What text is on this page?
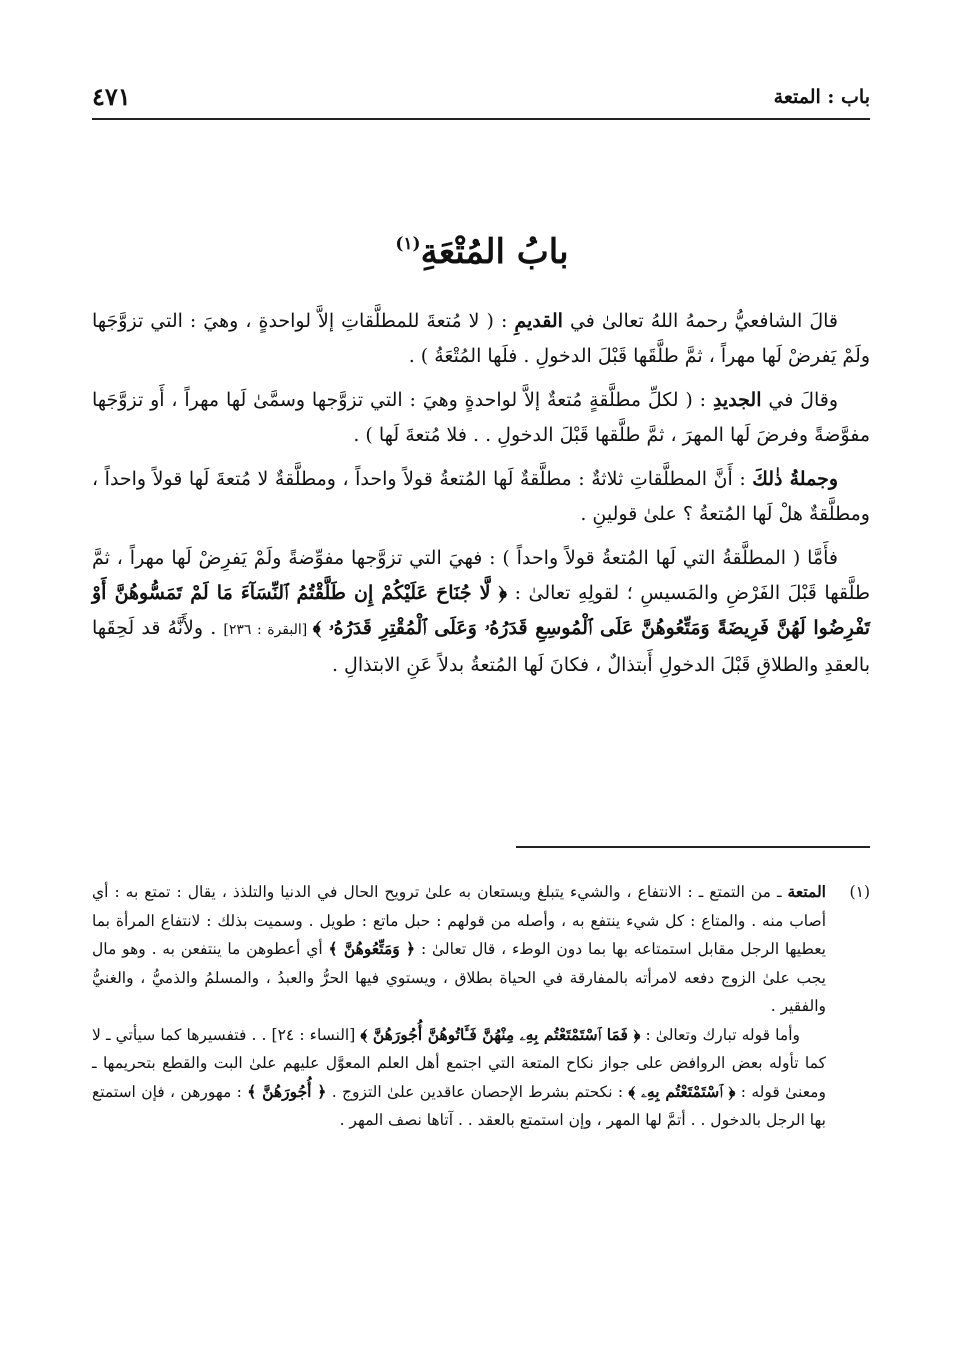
باب : المتعة
٤٧١
بابُ المُتْعَةِ$^{(١)}$

قالَ الشافعيُّ رحمهُ اللهُ تعالىٰ في القديمِ : ( لا مُتعةَ للمطلَّقاتِ إلاَّ لواحدةٍ ، وهيَ : التي تزوَّجَها ولَمْ يَفرضْ لَها مهراً ، ثمَّ طلَّقَها قَبْلَ الدخولِ . فلَها المُتْعَةُ ) .

وقالَ في الجديدِ : ( لكلِّ مطلَّقةٍ مُتعةٌ إلاَّ لواحدةٍ وهيَ : التي تزوَّجها وسمَّىٰ لَها مهراً ، أَو تزوَّجَها مفوَّضةً وفرضَ لَها المهرَ ، ثمَّ طلَّقها قَبْلَ الدخولِ . . فلا مُتعةَ لَها ) .

وجملةُ ذٰلكَ : أَنَّ المطلَّقاتِ ثلاثةٌ : مطلَّقةٌ لَها المُتعةُ قولاً واحداً ، ومطلَّقةٌ لا مُتعةَ لَها قولاً واحداً ، ومطلَّقةٌ هلْ لَها المُتعةُ ؟ علىٰ قولينِ .

فأَمَّا ( المطلَّقةُ التي لَها المُتعةُ قولاً واحداً ) : فهيَ التي تزوَّجها مفوِّضةً ولَمْ يَفرِضْ لَها مهراً ، ثمَّ طلَّقها قَبْلَ الفَرْضِ والمَسيسِ ؛ لقولِهِ تعالىٰ : ﴿ لَّا جُنَاحَ عَلَيْكُمْ إِن طَلَّقْتُمُ ٱلنِّسَآءَ مَا لَمْ تَمَسُّوهُنَّ أَوْ تَفْرِضُوا لَهُنَّ فَرِيضَةً وَمَتِّعُوهُنَّ عَلَى ٱلْمُوسِعِ قَدَرُهُۥ وَعَلَى ٱلْمُقْتِرِ قَدَرُهُۥ ﴾ [البقرة : ٢٣٦] . ولأَنَّهُ قد لَحِقَها بالعقدِ والطلاقِ قَبْلَ الدخولِ أَبتذالٌ ، فكانَ لَها المُتعةُ بدلاً عَنِ الابتذالِ .

(١)

المتعة ـ من التمتع ـ : الانتفاع ، والشيء يتبلغ ويستعان به علىٰ ترويح الحال في الدنيا والتلذذ ، يقال : تمتع به : أي أصاب منه . والمتاع : كل شيء ينتفع به ، وأصله من قولهم : حبل ماتع : طويل . وسميت بذلك : لانتفاع المرأة بما يعطيها الرجل مقابل استمتاعه بها بما دون الوطء ، قال تعالىٰ : ﴿ وَمَتِّعُوهُنَّ ﴾ أي أعطوهن ما ينتفعن به . وهو مال يجب علىٰ الزوج دفعه لامرأته بالمفارقة في الحياة بطلاق ، ويستوي فيها الحرُّ والعبدُ ، والمسلمُ والذميُّ ، والغنيُّ والفقير .

وأما قوله تبارك وتعالىٰ : ﴿ فَمَا ٱسْتَمْتَعْتُم بِهِۦ مِنْهُنَّ فَـَٔاتُوهُنَّ أُجُورَهُنَّ ﴾ [النساء : ٢٤] . . فتفسيرها كما سيأتي ـ لا كما تأوله بعض الروافض على جواز نكاح المتعة التي اجتمع أهل العلم المعوَّل عليهم علىٰ البت والقطع بتحريمها ـ ومعنىٰ قوله : ﴿ ٱسْتَمْتَعْتُم بِهِۦ ﴾ : نكحتم بشرط الإحصان عاقدين علىٰ التزوج . ﴿ أُجُورَهُنَّ ﴾ : مهورهن ، فإن استمتع بها الرجل بالدخول . . أتمَّ لها المهر ، وإن استمتع بالعقد . . آتاها نصف المهر .
